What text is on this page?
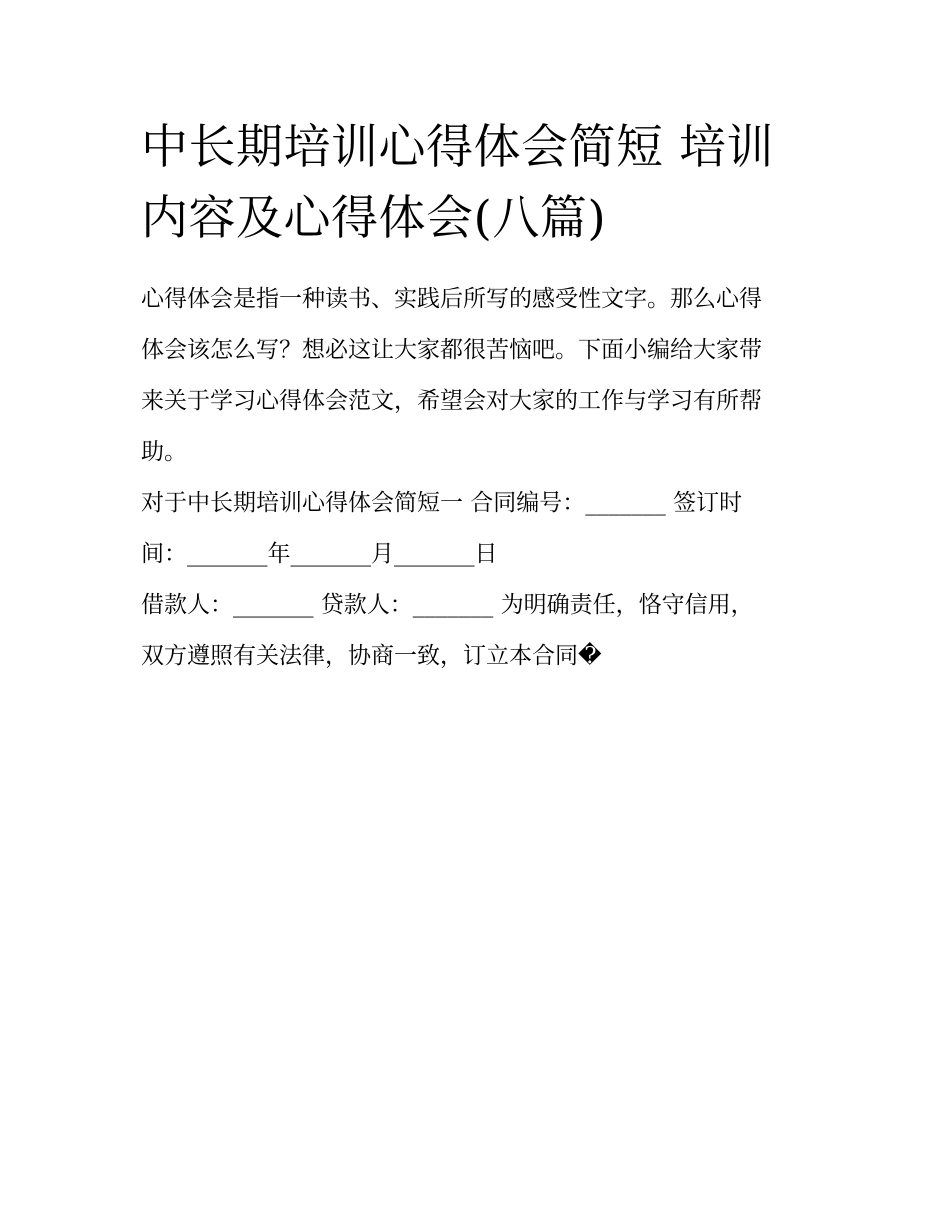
中长期培训心得体会简短 培训
内容及心得体会(八篇)

心得体会是指一种读书、实践后所写的感受性文字。那么心得
体会该怎么写？想必这让大家都很苦恼吧。下面小编给大家带
来关于学习心得体会范文，希望会对大家的工作与学习有所帮
助。

对于中长期培训心得体会简短一 合同编号：_______ 签订时
间：_______年_______月_______日
借款人：_______ 贷款人：_______ 为明确责任，恪守信用，
双方遵照有关法律，协商一致，订立本合同�
